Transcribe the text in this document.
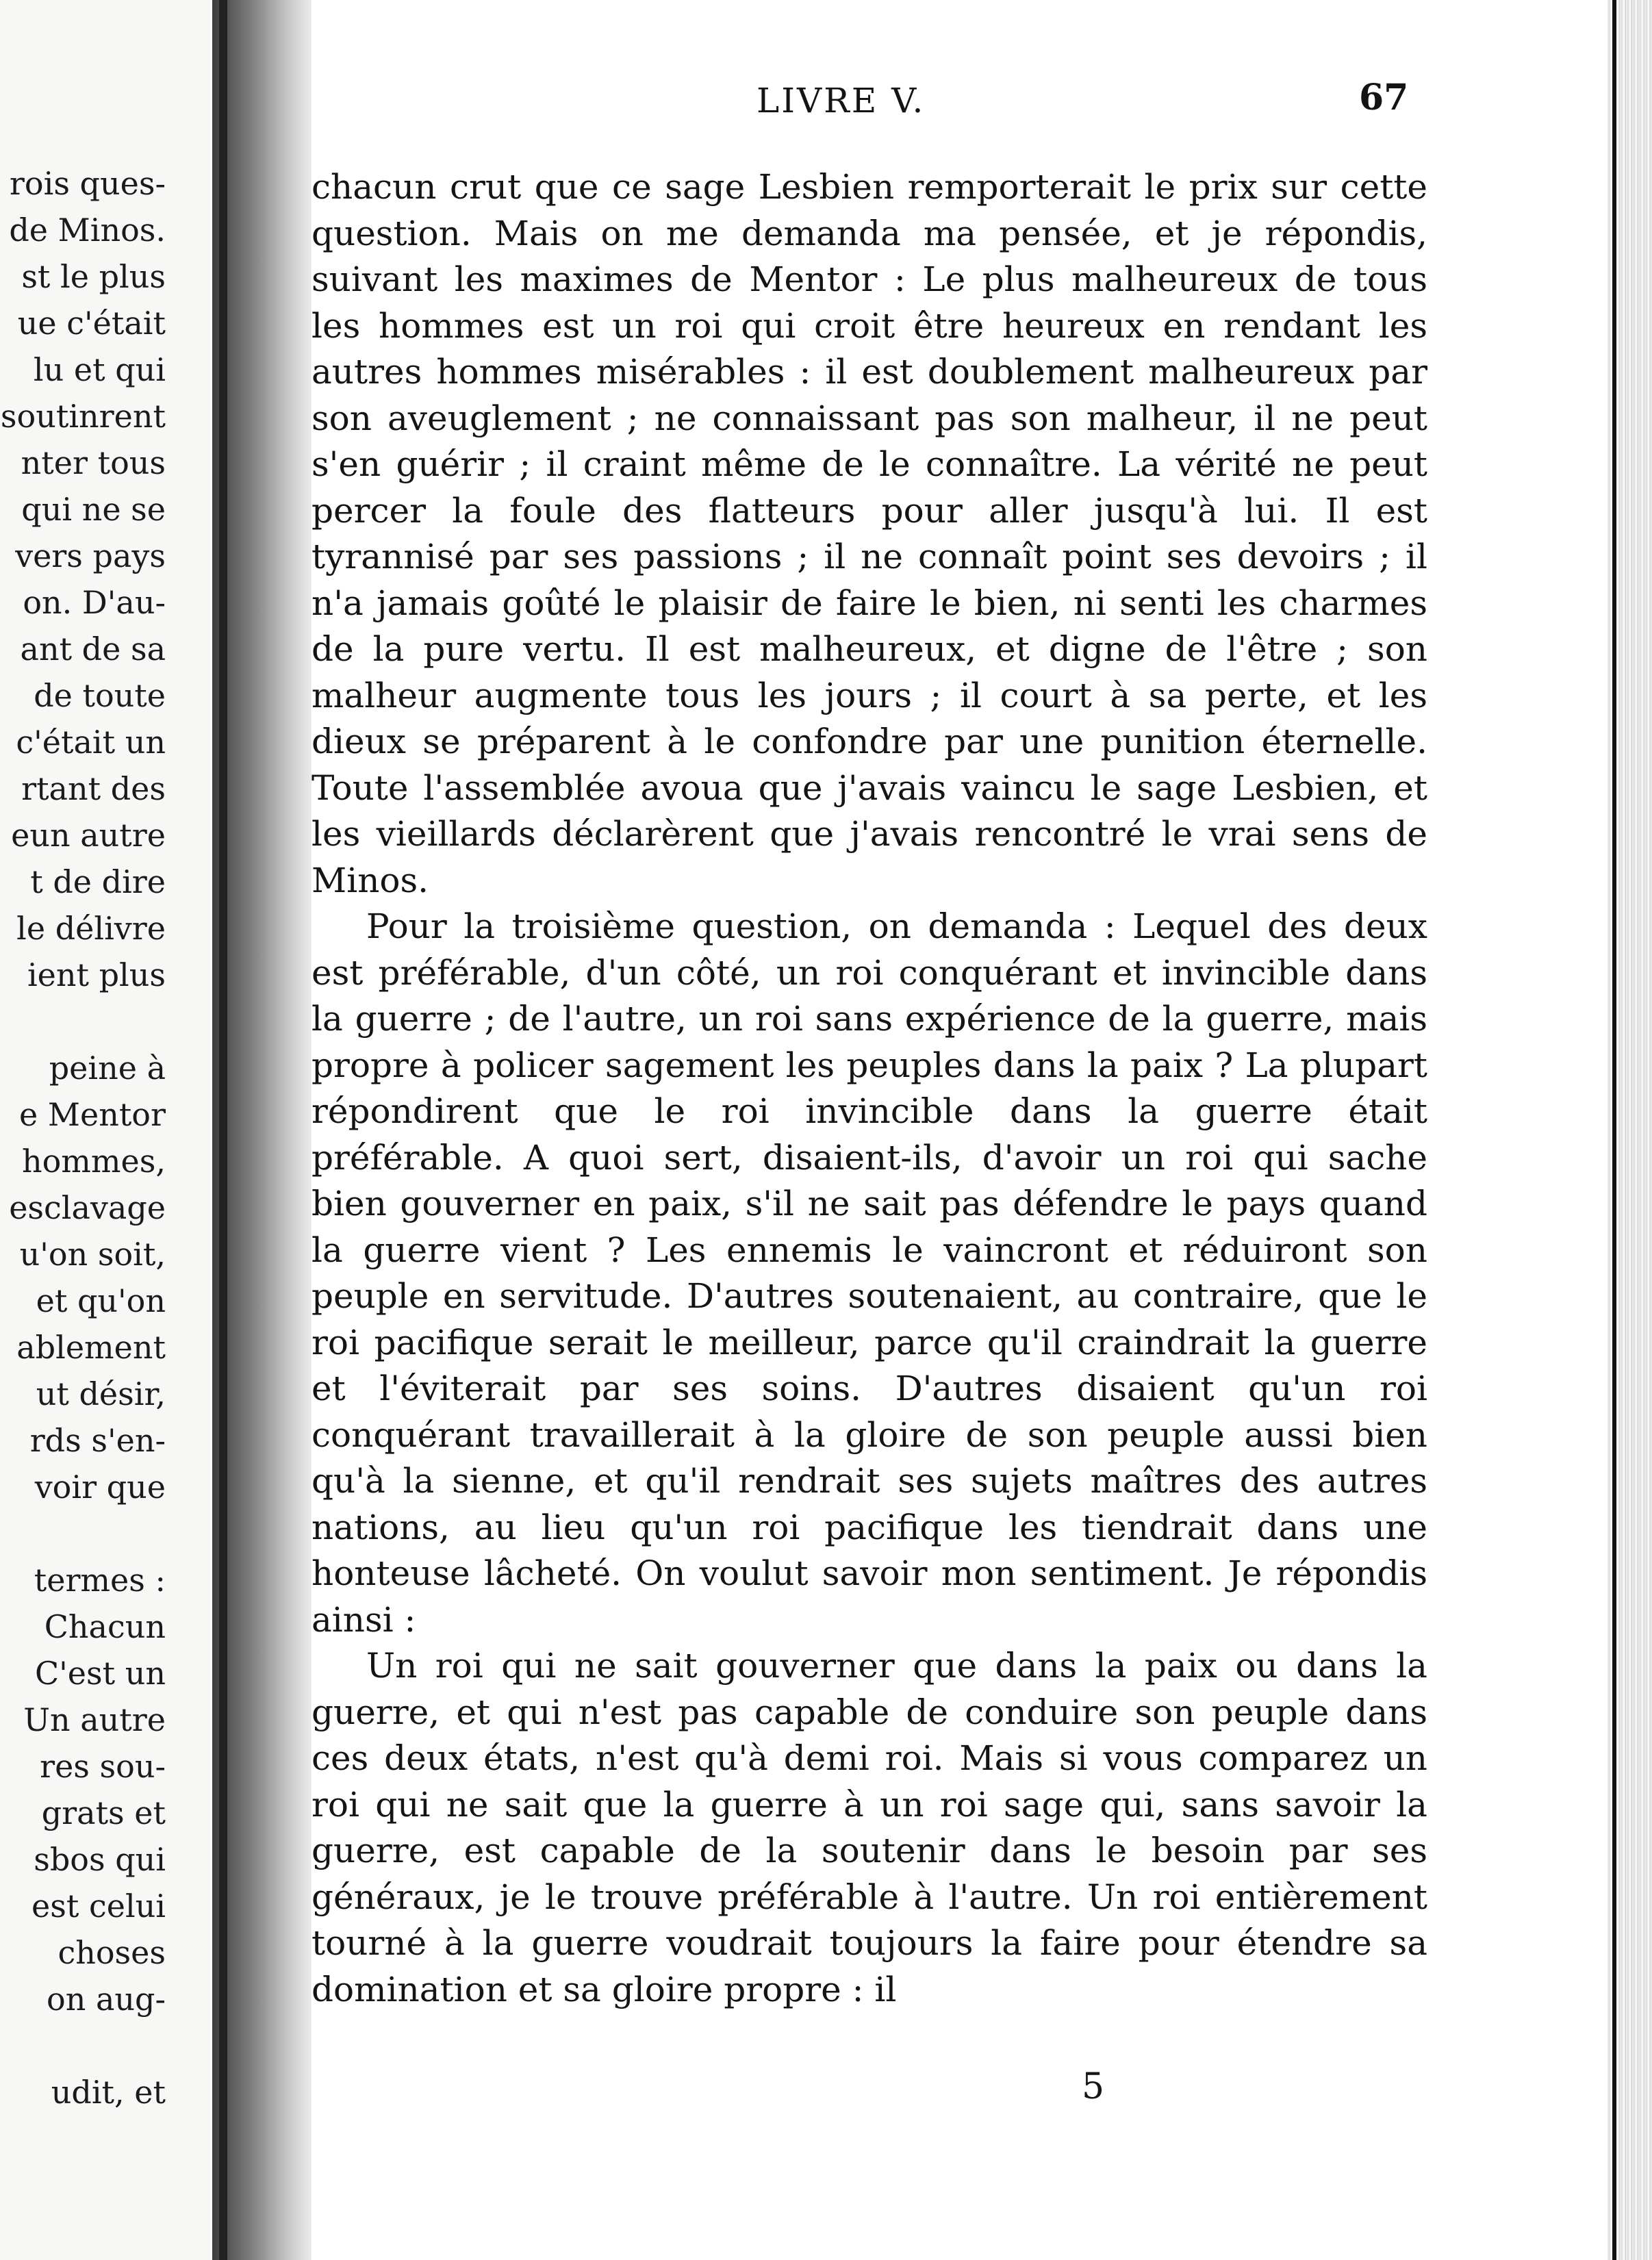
rois ques-
de Minos.
st le plus
ue c'était
lu et qui
soutinrent
nter tous
qui ne se
vers pays
on. D'au-
ant de sa
de toute
c'était un
rtant des
eun autre
t de dire
le délivre
ient plus
peine à
e Mentor
hommes,
esclavage
u'on soit,
et qu'on
ablement
ut désir,
rds s'en-
voir que
termes :
Chacun
C'est un
Un autre
res sou-
grats et
sbos qui
est celui
choses
on aug-
udit, et
LIVRE V.	67

chacun crut que ce sage Lesbien remporterait le prix sur cette question. Mais on me demanda ma pensée, et je répondis, suivant les maximes de Mentor : Le plus malheureux de tous les hommes est un roi qui croit être heureux en rendant les autres hommes misérables : il est doublement malheureux par son aveuglement ; ne connaissant pas son malheur, il ne peut s'en guérir ; il craint même de le connaître. La vérité ne peut percer la foule des flatteurs pour aller jusqu'à lui. Il est tyrannisé par ses passions ; il ne connaît point ses devoirs ; il n'a jamais goûté le plaisir de faire le bien, ni senti les charmes de la pure vertu. Il est malheureux, et digne de l'être ; son malheur augmente tous les jours ; il court à sa perte, et les dieux se préparent à le confondre par une punition éternelle. Toute l'assemblée avoua que j'avais vaincu le sage Lesbien, et les vieillards déclarèrent que j'avais rencontré le vrai sens de Minos.

Pour la troisième question, on demanda : Lequel des deux est préférable, d'un côté, un roi conquérant et invincible dans la guerre ; de l'autre, un roi sans expérience de la guerre, mais propre à policer sagement les peuples dans la paix ? La plupart répondirent que le roi invincible dans la guerre était préférable. A quoi sert, disaient-ils, d'avoir un roi qui sache bien gouverner en paix, s'il ne sait pas défendre le pays quand la guerre vient ? Les ennemis le vaincront et réduiront son peuple en servitude. D'autres soutenaient, au contraire, que le roi pacifique serait le meilleur, parce qu'il craindrait la guerre et l'éviterait par ses soins. D'autres disaient qu'un roi conquérant travaillerait à la gloire de son peuple aussi bien qu'à la sienne, et qu'il rendrait ses sujets maîtres des autres nations, au lieu qu'un roi pacifique les tiendrait dans une honteuse lâcheté. On voulut savoir mon sentiment. Je répondis ainsi :

Un roi qui ne sait gouverner que dans la paix ou dans la guerre, et qui n'est pas capable de conduire son peuple dans ces deux états, n'est qu'à demi roi. Mais si vous comparez un roi qui ne sait que la guerre à un roi sage qui, sans savoir la guerre, est capable de la soutenir dans le besoin par ses généraux, je le trouve préférable à l'autre. Un roi entièrement tourné à la guerre voudrait toujours la faire pour étendre sa domination et sa gloire propre : il

5
